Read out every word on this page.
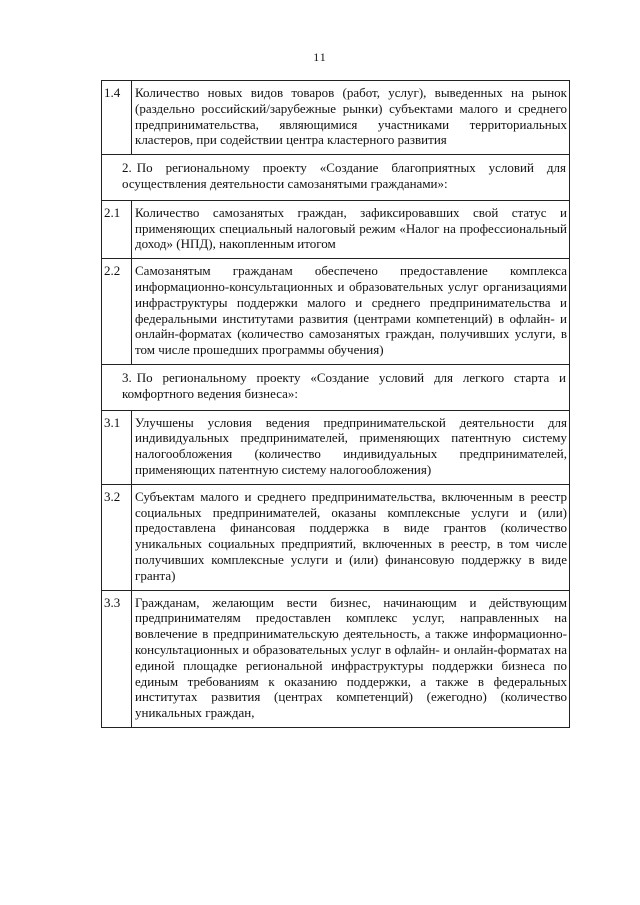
11
1.4	Количество новых видов товаров (работ, услуг), выведенных на рынок (раздельно российский/зарубежные рынки) субъектами малого и среднего предпринимательства, являющимися участниками территориальных кластеров, при содействии центра кластерного развития
2. По региональному проекту «Создание благоприятных условий для осуществления деятельности самозанятыми гражданами»:	
2.1	Количество самозанятых граждан, зафиксировавших свой статус и применяющих специальный налоговый режим «Налог на профессиональный доход» (НПД), накопленным итогом
2.2	Самозанятым гражданам обеспечено предоставление комплекса информационно-консультационных и образовательных услуг организациями инфраструктуры поддержки малого и среднего предпринимательства и федеральными институтами развития (центрами компетенций) в офлайн- и онлайн-форматах (количество самозанятых граждан, получивших услуги, в том числе прошедших программы обучения)
3. По региональному проекту «Создание условий для легкого старта и комфортного ведения бизнеса»:	
3.1	Улучшены условия ведения предпринимательской деятельности для индивидуальных предпринимателей, применяющих патентную систему налогообложения (количество индивидуальных предпринимателей, применяющих патентную систему налогообложения)
3.2	Субъектам малого и среднего предпринимательства, включенным в реестр социальных предпринимателей, оказаны комплексные услуги и (или) предоставлена финансовая поддержка в виде грантов (количество уникальных социальных предприятий, включенных в реестр, в том числе получивших комплексные услуги и (или) финансовую поддержку в виде гранта)
3.3	Гражданам, желающим вести бизнес, начинающим и действующим предпринимателям предоставлен комплекс услуг, направленных на вовлечение в предпринимательскую деятельность, а также информационно-консультационных и образовательных услуг в офлайн- и онлайн-форматах на единой площадке региональной инфраструктуры поддержки бизнеса по единым требованиям к оказанию поддержки, а также в федеральных институтах развития (центрах компетенций) (ежегодно) (количество уникальных граждан,
